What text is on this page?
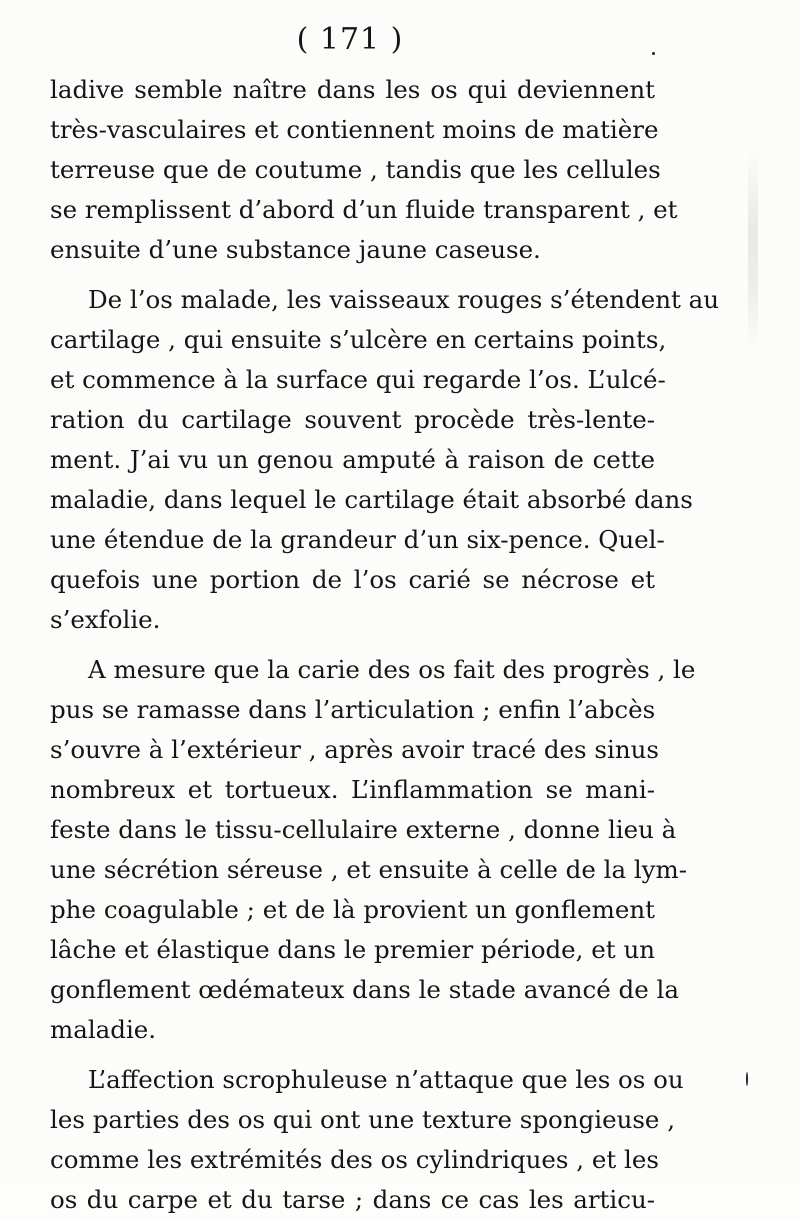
( 171 )
ladive semble naître dans les os qui deviennent
très-vasculaires et contiennent moins de matière
terreuse que de coutume , tandis que les cellules
se remplissent d’abord d’un fluide transparent , et
ensuite d’une substance jaune caseuse.
De l’os malade, les vaisseaux rouges s’étendent au
cartilage , qui ensuite s’ulcère en certains points,
et commence à la surface qui regarde l’os. L’ulcé-
ration du cartilage souvent procède très-lente-
ment. J’ai vu un genou amputé à raison de cette
maladie, dans lequel le cartilage était absorbé dans
une étendue de la grandeur d’un six-pence. Quel-
quefois une portion de l’os carié se nécrose et
s’exfolie.
A mesure que la carie des os fait des progrès , le
pus se ramasse dans l’articulation ; enfin l’abcès
s’ouvre à l’extérieur , après avoir tracé des sinus
nombreux et tortueux. L’inflammation se mani-
feste dans le tissu-cellulaire externe , donne lieu à
une sécrétion séreuse , et ensuite à celle de la lym-
phe coagulable ; et de là provient un gonflement
lâche et élastique dans le premier période, et un
gonflement œdémateux dans le stade avancé de la
maladie.
L’affection scrophuleuse n’attaque que les os ou
les parties des os qui ont une texture spongieuse ,
comme les extrémités des os cylindriques , et les
os du carpe et du tarse ; dans ce cas les articu-
